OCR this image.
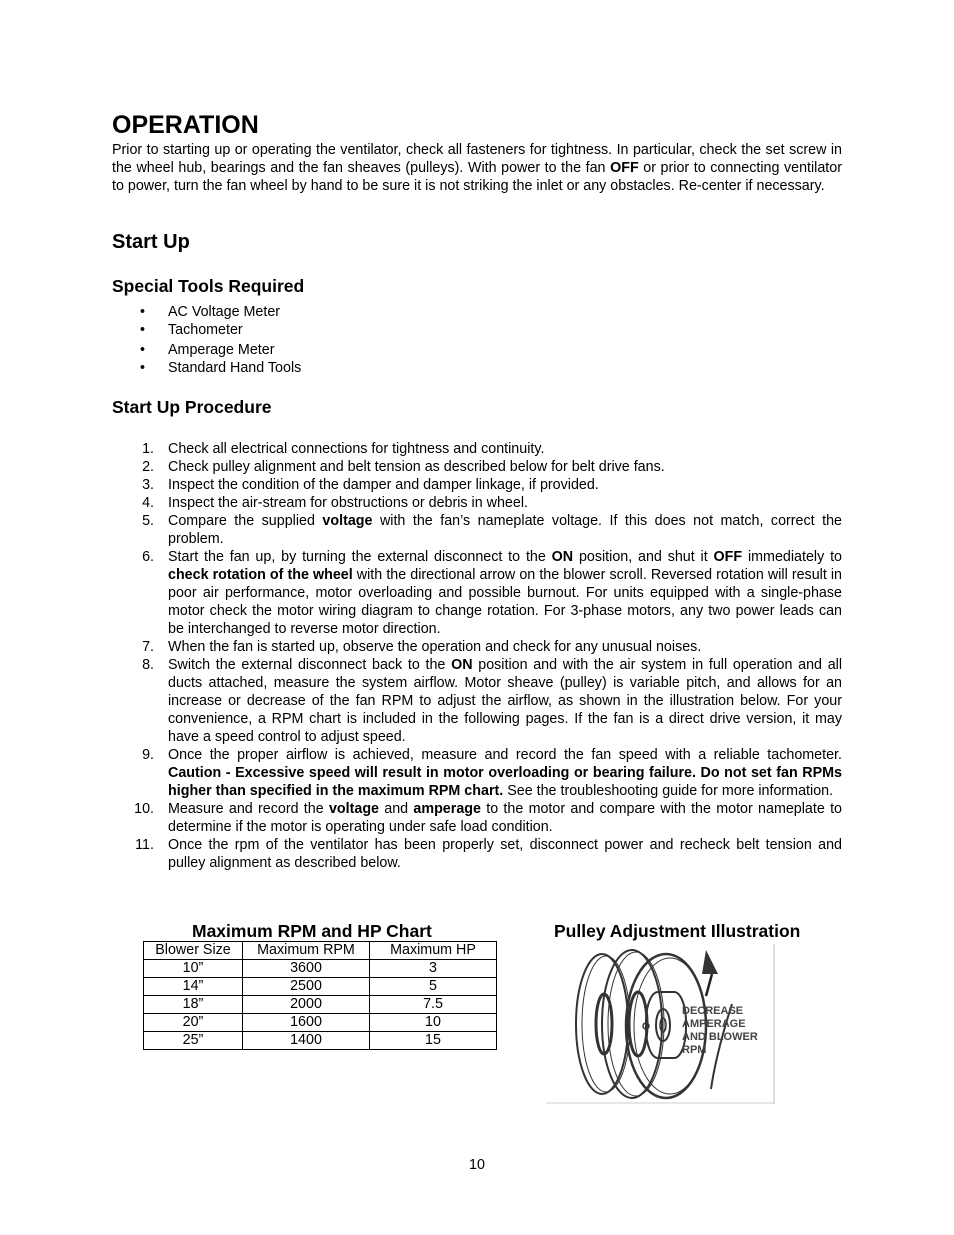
OPERATION

Prior to starting up or operating the ventilator, check all fasteners for tightness. In particular, check the set screw in the wheel hub, bearings and the fan sheaves (pulleys). With power to the fan OFF or prior to connecting ventilator to power, turn the fan wheel by hand to be sure it is not striking the inlet or any obstacles. Re-center if necessary.

Start Up
Special Tools Required
• AC Voltage Meter
• Tachometer
• Amperage Meter
• Standard Hand Tools
Start Up Procedure
1. Check all electrical connections for tightness and continuity.
2. Check pulley alignment and belt tension as described below for belt drive fans.
3. Inspect the condition of the damper and damper linkage, if provided.
4. Inspect the air-stream for obstructions or debris in wheel.
5. Compare the supplied voltage with the fan’s nameplate voltage. If this does not match, correct the problem.
6. Start the fan up, by turning the external disconnect to the ON position, and shut it OFF immediately to check rotation of the wheel with the directional arrow on the blower scroll. Reversed rotation will result in poor air performance, motor overloading and possible burnout. For units equipped with a single-phase motor check the motor wiring diagram to change rotation. For 3-phase motors, any two power leads can be interchanged to reverse motor direction.
7. When the fan is started up, observe the operation and check for any unusual noises.
8. Switch the external disconnect back to the ON position and with the air system in full operation and all ducts attached, measure the system airflow. Motor sheave (pulley) is variable pitch, and allows for an increase or decrease of the fan RPM to adjust the airflow, as shown in the illustration below. For your convenience, a RPM chart is included in the following pages. If the fan is a direct drive version, it may have a speed control to adjust speed.
9. Once the proper airflow is achieved, measure and record the fan speed with a reliable tachometer. Caution - Excessive speed will result in motor overloading or bearing failure. Do not set fan RPMs higher than specified in the maximum RPM chart. See the troubleshooting guide for more information.
10. Measure and record the voltage and amperage to the motor and compare with the motor nameplate to determine if the motor is operating under safe load condition.
11. Once the rpm of the ventilator has been properly set, disconnect power and recheck belt tension and pulley alignment as described below.
Maximum RPM and HP Chart	Pulley Adjustment Illustration
Blower Size	Maximum RPM	Maximum HP
10”	3600	3
14”	2500	5
18”	2000	7.5
20”	1600	10
25”	1400	15
DECREASE
AMPERAGE
AND BLOWER
RPM
10
